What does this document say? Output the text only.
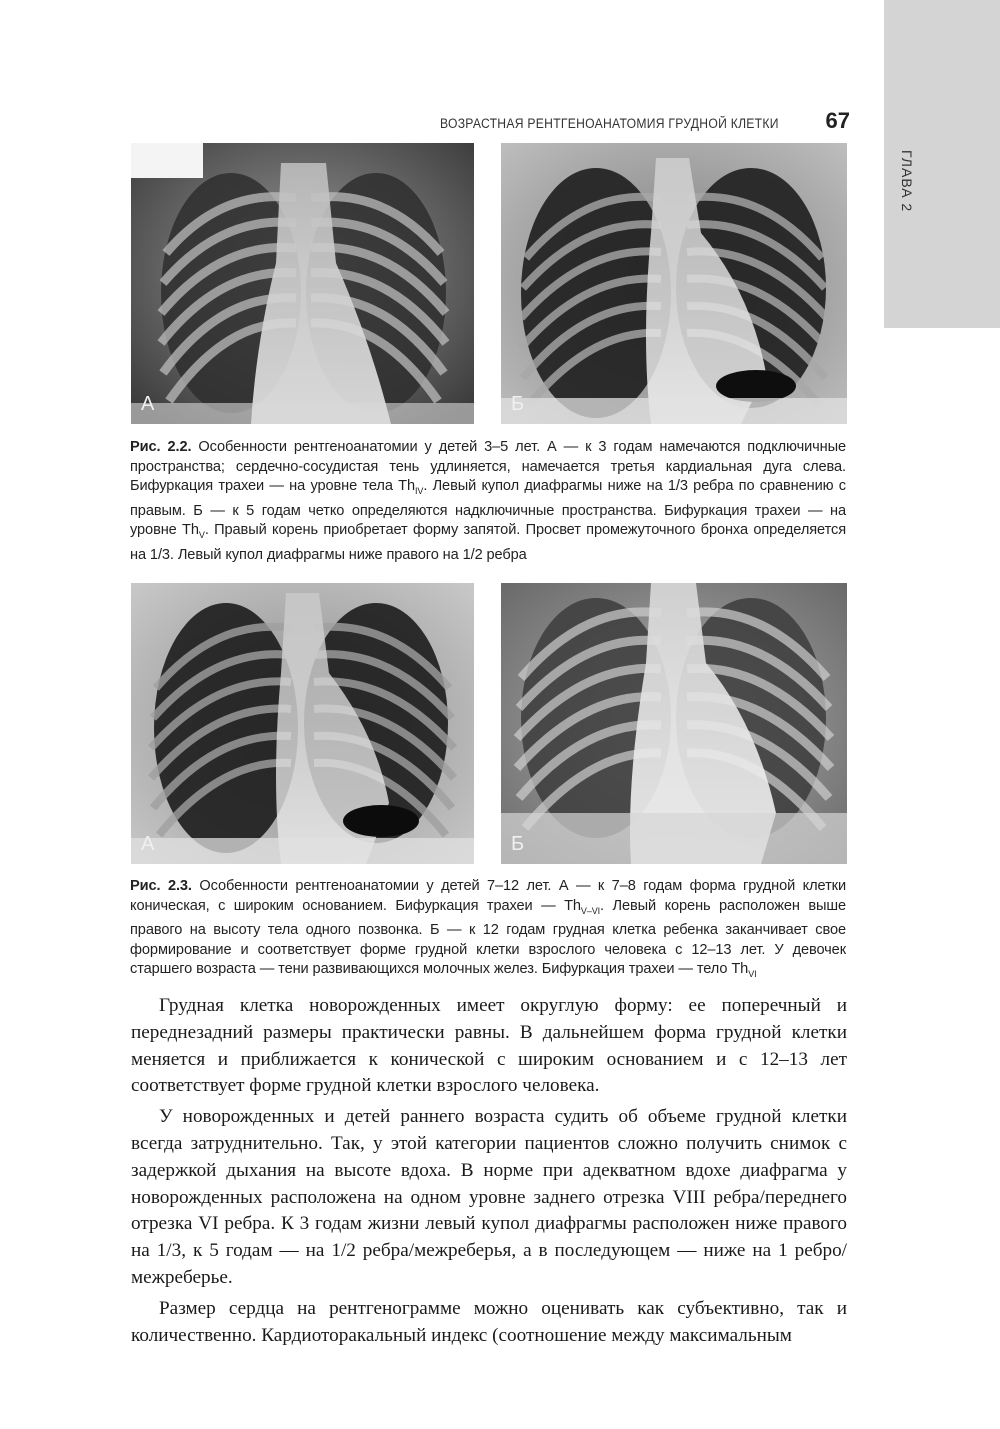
ГЛАВА 2
ВОЗРАСТНАЯ РЕНТГЕНОАНАТОМИЯ ГРУДНОЙ КЛЕТКИ 67
А	Б
Рис. 2.2. Особенности рентгеноанатомии у детей 3–5 лет. А — к 3 годам намечаются подключичные пространства; сердечно-сосудистая тень удлиняется, намечается третья кардиальная дуга слева. Бифуркация трахеи — на уровне тела $Th_{IV}$. Левый купол диафрагмы ниже на 1/3 ребра по сравнению с правым. Б — к 5 годам четко определяются надключичные пространства. Бифуркация трахеи — на уровне $Th_V$. Правый корень приобретает форму запятой. Просвет промежуточного бронха определяется на 1/3. Левый купол диафрагмы ниже правого на 1/2 ребра
А	Б
Рис. 2.3. Особенности рентгеноанатомии у детей 7–12 лет. А — к 7–8 годам форма грудной клетки коническая, с широким основанием. Бифуркация трахеи — $Th_{V-VI}$. Левый корень расположен выше правого на высоту тела одного позвонка. Б — к 12 годам грудная клетка ребенка заканчивает свое формирование и соответствует форме грудной клетки взрослого человека с 12–13 лет. У девочек старшего возраста — тени развивающихся молочных желез. Бифуркация трахеи — тело $Th_{VI}$

Грудная клетка новорожденных имеет округлую форму: ее поперечный и переднезадний размеры практически равны. В дальнейшем форма грудной клетки меняется и приближается к конической с широким основанием и с 12–13 лет соответствует форме грудной клетки взрослого человека.

У новорожденных и детей раннего возраста судить об объеме грудной клетки всегда затруднительно. Так, у этой категории пациентов сложно получить снимок с задержкой дыхания на высоте вдоха. В норме при адекватном вдохе диафрагма у новорожденных расположена на одном уровне заднего отрезка VIII ребра/переднего отрезка VI ребра. К 3 годам жизни левый купол диафрагмы расположен ниже правого на 1/3, к 5 годам — на 1/2 ребра/межреберья, а в последующем — ниже на 1 ребро/межреберье.

Размер сердца на рентгенограмме можно оценивать как субъективно, так и количественно. Кардиоторакальный индекс (соотношение между максимальным
